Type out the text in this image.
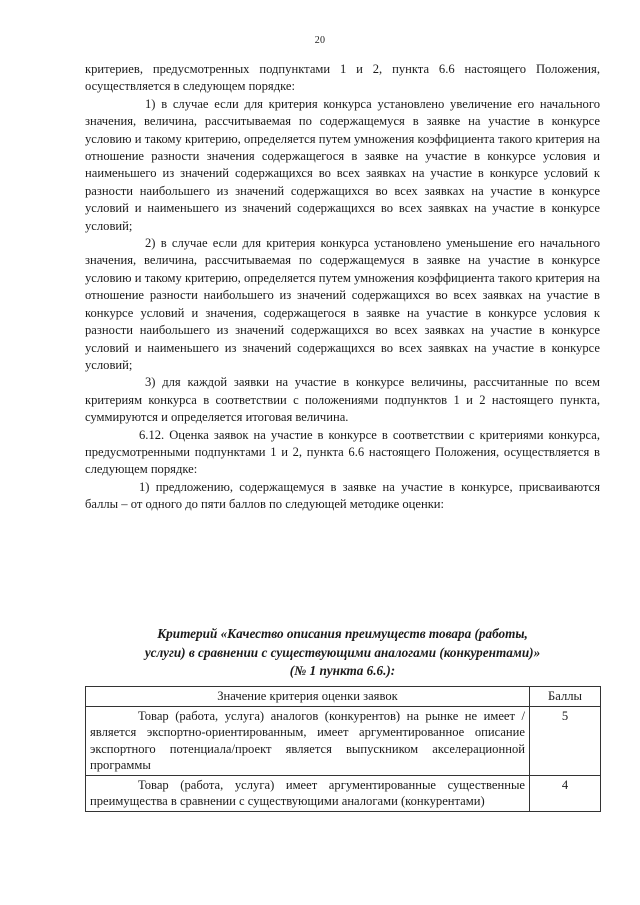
20

критериев, предусмотренных подпунктами 1 и 2, пункта 6.6 настоящего Положения, осуществляется в следующем порядке:

1) в случае если для критерия конкурса установлено увеличение его начального значения, величина, рассчитываемая по содержащемуся в заявке на участие в конкурсе условию и такому критерию, определяется путем умножения коэффициента такого критерия на отношение разности значения содержащегося в заявке на участие в конкурсе условия и наименьшего из значений содержащихся во всех заявках на участие в конкурсе условий к разности наибольшего из значений содержащихся во всех заявках на участие в конкурсе условий и наименьшего из значений содержащихся во всех заявках на участие в конкурсе условий;

2) в случае если для критерия конкурса установлено уменьшение его начального значения, величина, рассчитываемая по содержащемуся в заявке на участие в конкурсе условию и такому критерию, определяется путем умножения коэффициента такого критерия на отношение разности наибольшего из значений содержащихся во всех заявках на участие в конкурсе условий и значения, содержащегося в заявке на участие в конкурсе условия к разности наибольшего из значений содержащихся во всех заявках на участие в конкурсе условий и наименьшего из значений содержащихся во всех заявках на участие в конкурсе условий;

3) для каждой заявки на участие в конкурсе величины, рассчитанные по всем критериям конкурса в соответствии с положениями подпунктов 1 и 2 настоящего пункта, суммируются и определяется итоговая величина.

6.12. Оценка заявок на участие в конкурсе в соответствии с критериями конкурса, предусмотренными подпунктами 1 и 2, пункта 6.6 настоящего Положения, осуществляется в следующем порядке:

1) предложению, содержащемуся в заявке на участие в конкурсе, присваиваются баллы – от одного до пяти баллов по следующей методике оценки:

Критерий «Качество описания преимуществ товара (работы,
услуги) в сравнении с существующими аналогами (конкурентами)»
(№ 1 пункта 6.6.):
Значение критерия оценки заявок	Баллы
Товар (работа, услуга) аналогов (конкурентов) на рынке не имеет /является экспортно-ориентированным, имеет аргументированное описание экспортного потенциала/проект является выпускником акселерационной программы	5
Товар (работа, услуга) имеет аргументированные существенные преимущества в сравнении с существующими аналогами (конкурентами)	4
